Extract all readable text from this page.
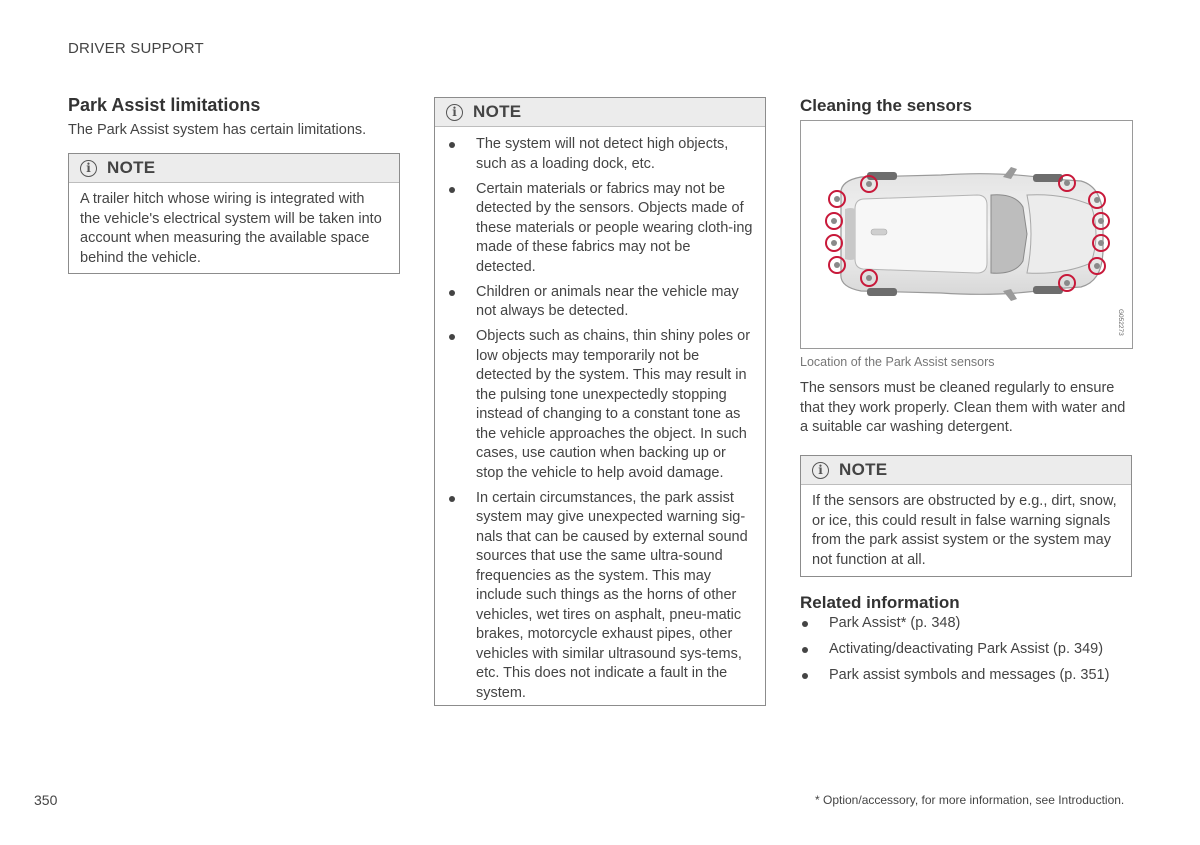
DRIVER SUPPORT
Park Assist limitations
The Park Assist system has certain limitations.
i NOTE
A trailer hitch whose wiring is integrated with the vehicle's electrical system will be taken into account when measuring the available space behind the vehicle.
i NOTE
The system will not detect high objects, such as a loading dock, etc.
Certain materials or fabrics may not be detected by the sensors. Objects made of these materials or people wearing cloth-ing made of these fabrics may not be detected.
Children or animals near the vehicle may not always be detected.
Objects such as chains, thin shiny poles or low objects may temporarily not be detected by the system. This may result in the pulsing tone unexpectedly stopping instead of changing to a constant tone as the vehicle approaches the object. In such cases, use caution when backing up or stop the vehicle to help avoid damage.
In certain circumstances, the park assist system may give unexpected warning sig-nals that can be caused by external sound sources that use the same ultra-sound frequencies as the system. This may include such things as the horns of other vehicles, wet tires on asphalt, pneu-matic brakes, motorcycle exhaust pipes, other vehicles with similar ultrasound sys-tems, etc. This does not indicate a fault in the system.
Cleaning the sensors
G052273
Location of the Park Assist sensors
The sensors must be cleaned regularly to ensure that they work properly. Clean them with water and a suitable car washing detergent.
i NOTE
If the sensors are obstructed by e.g., dirt, snow, or ice, this could result in false warning signals from the park assist system or the system may not function at all.
Related information
Park Assist* (p. 348)
Activating/deactivating Park Assist (p. 349)
Park assist symbols and messages (p. 351)
350	* Option/accessory, for more information, see Introduction.
